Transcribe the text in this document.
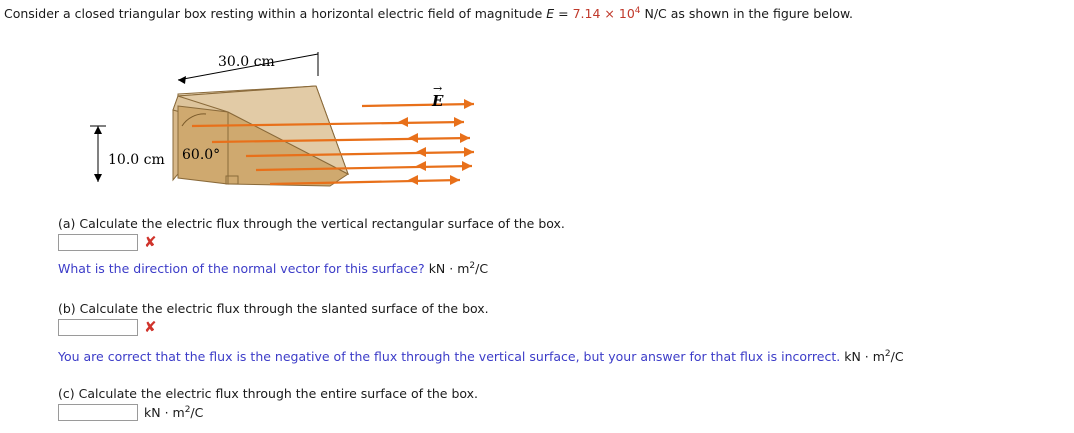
Consider a closed triangular box resting within a horizontal electric field of magnitude $E = 7.14 \times 10^4$ N/C as shown in the figure below.
30.0 cm
10.0 cm 60.0°
→
E
(a) Calculate the electric flux through the vertical rectangular surface of the box.
✘
What is the direction of the normal vector for this surface? kN · $m^2/C$
(b) Calculate the electric flux through the slanted surface of the box.
✘
You are correct that the flux is the negative of the flux through the vertical surface, but your answer for that flux is incorrect. kN · $m^2/C$
(c) Calculate the electric flux through the entire surface of the box.
kN · $m^2/C$
